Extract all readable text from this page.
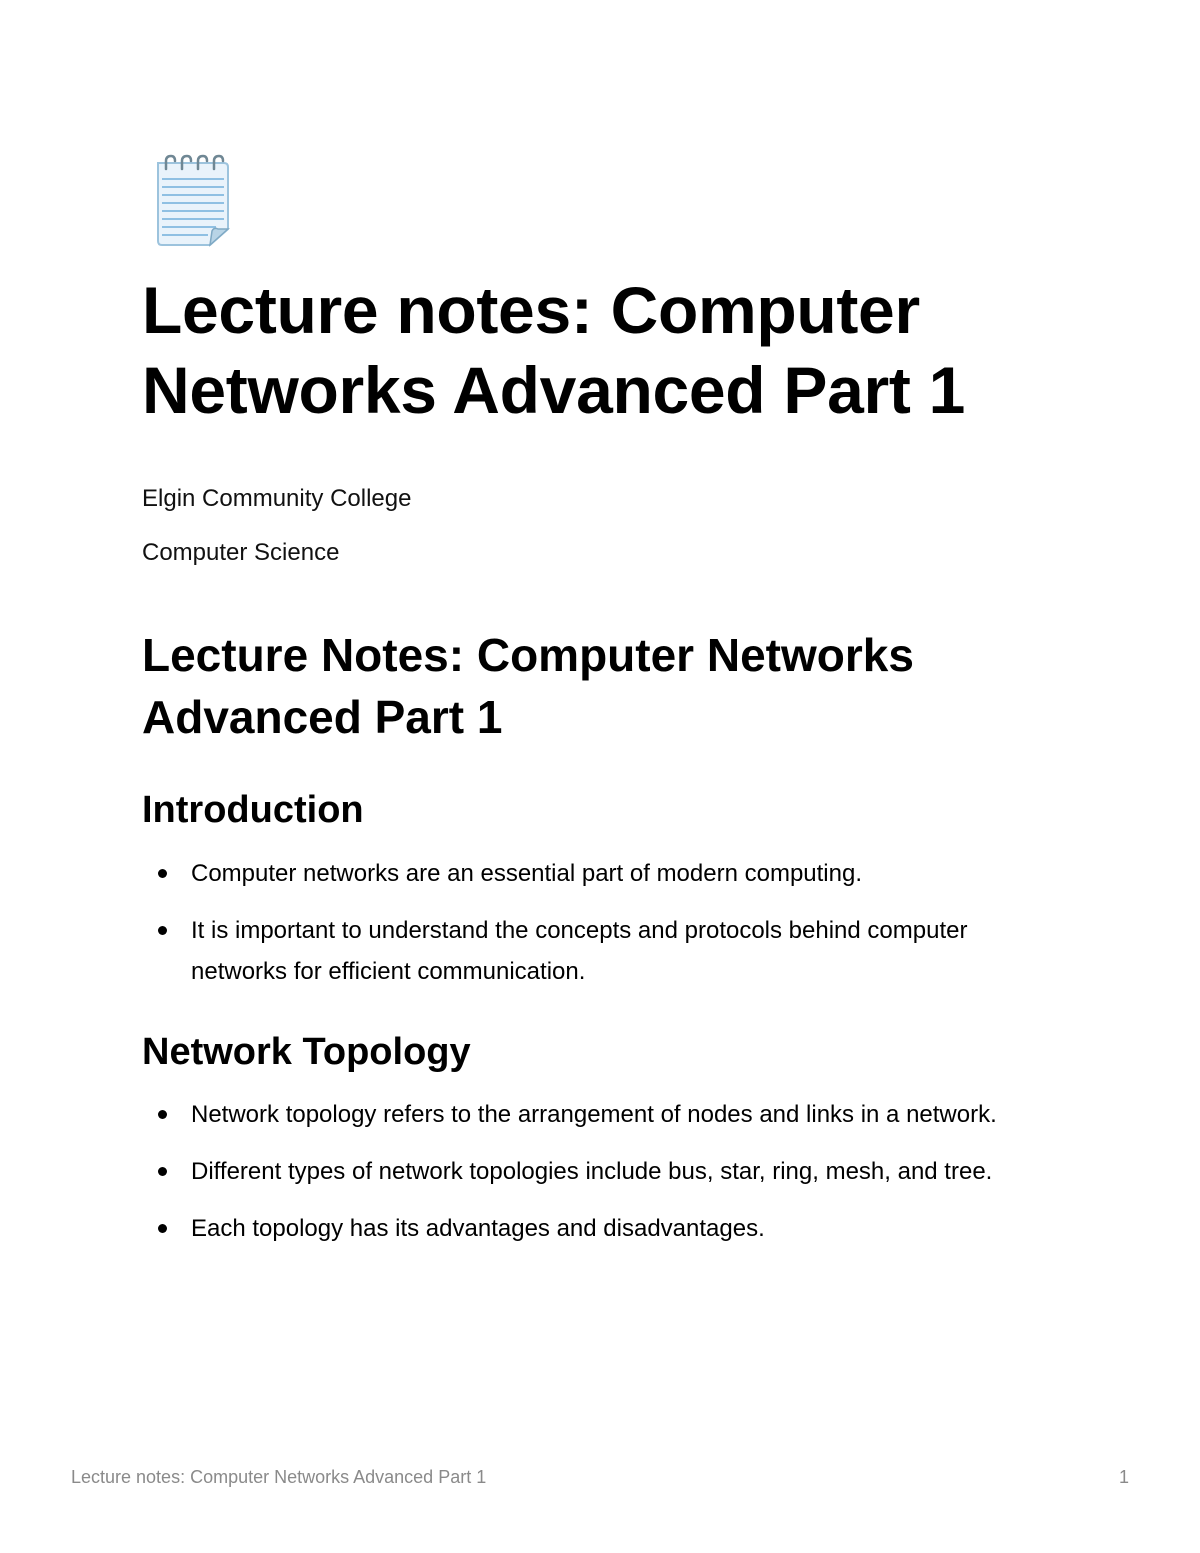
Lecture notes: Computer Networks Advanced Part 1

Elgin Community College

Computer Science

Lecture Notes: Computer Networks Advanced Part 1
Introduction
Computer networks are an essential part of modern computing.
It is important to understand the concepts and protocols behind computer networks for efficient communication.
Network Topology
Network topology refers to the arrangement of nodes and links in a network.
Different types of network topologies include bus, star, ring, mesh, and tree.
Each topology has its advantages and disadvantages.
Lecture notes: Computer Networks Advanced Part 1	1
